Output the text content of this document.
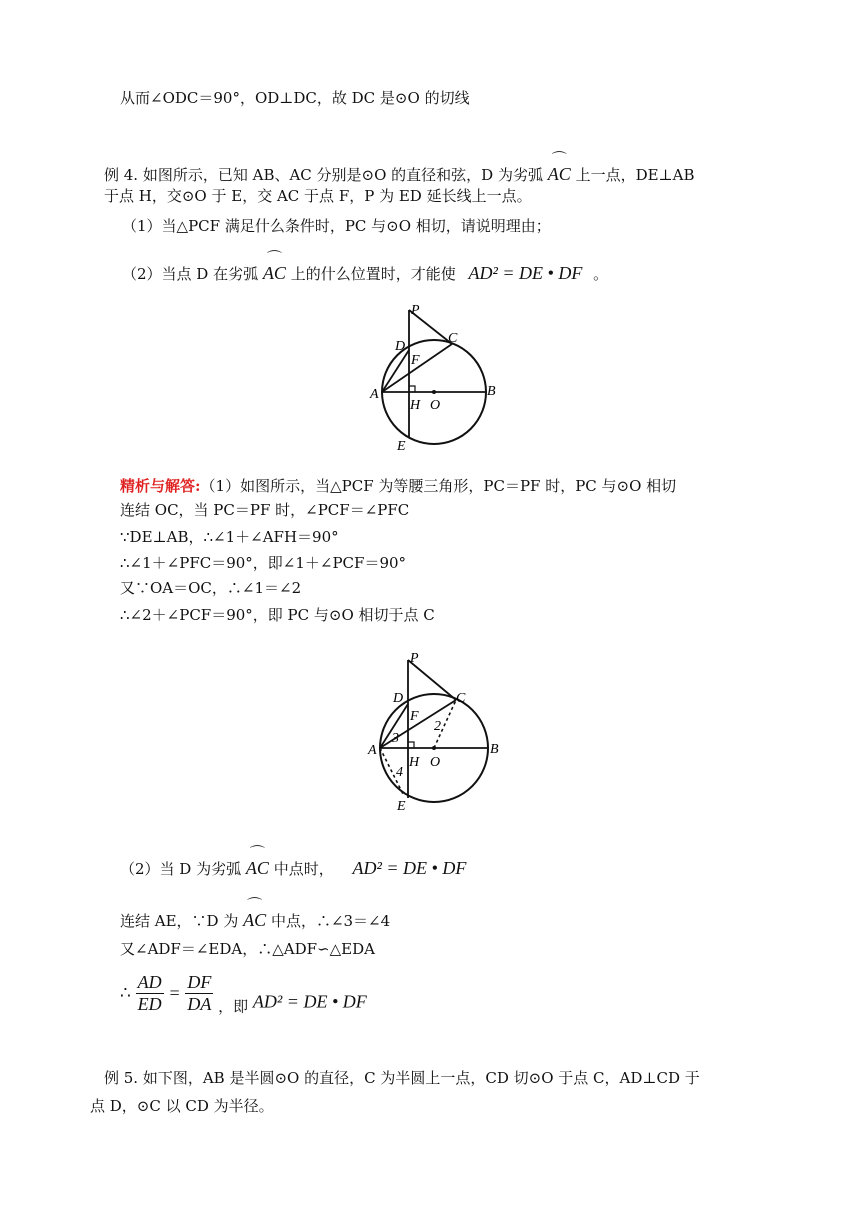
从而∠ODC＝90°，OD⊥DC，故 DC 是⊙O 的切线
例 4. 如图所示，已知 AB、AC 分别是⊙O 的直径和弦，D 为劣弧
⌒
AC 上一点，DE⊥AB
于点 H，交⊙O 于 E，交 AC 于点 F，P 为 ED 延长线上一点。
（1）当△PCF 满足什么条件时，PC 与⊙O 相切，请说明理由；
（2）当点 D 在劣弧
⌒
AC 上的什么位置时，才能使 AD² = DE • DF 。
P
C
D
F
A
H O
B
E
精析与解答:（1）如图所示，当△PCF 为等腰三角形，PC＝PF 时，PC 与⊙O 相切
连结 OC，当 PC＝PF 时，∠PCF＝∠PFC
∵DE⊥AB，∴∠1＋∠AFH＝90°
∴∠1＋∠PFC＝90°，即∠1＋∠PCF＝90°
又∵OA＝OC，∴∠1＝∠2
∴∠2＋∠PCF＝90°，即 PC 与⊙O 相切于点 C
P
C
D
F
2
3
A
H O
4
B
E
（2）当 D 为劣弧
⌒
AC 中点时， AD² = DE • DF
连结 AE，∵D 为
⌒
AC 中点，∴∠3＝∠4
又∠ADF＝∠EDA，∴△ADF∽△EDA
∴ $\frac{AD}{ED} = \frac{DF}{DA}$ ，即 AD² = DE • DF
例 5. 如下图，AB 是半圆⊙O 的直径，C 为半圆上一点，CD 切⊙O 于点 C，AD⊥CD 于
点 D，⊙C 以 CD 为半径。
